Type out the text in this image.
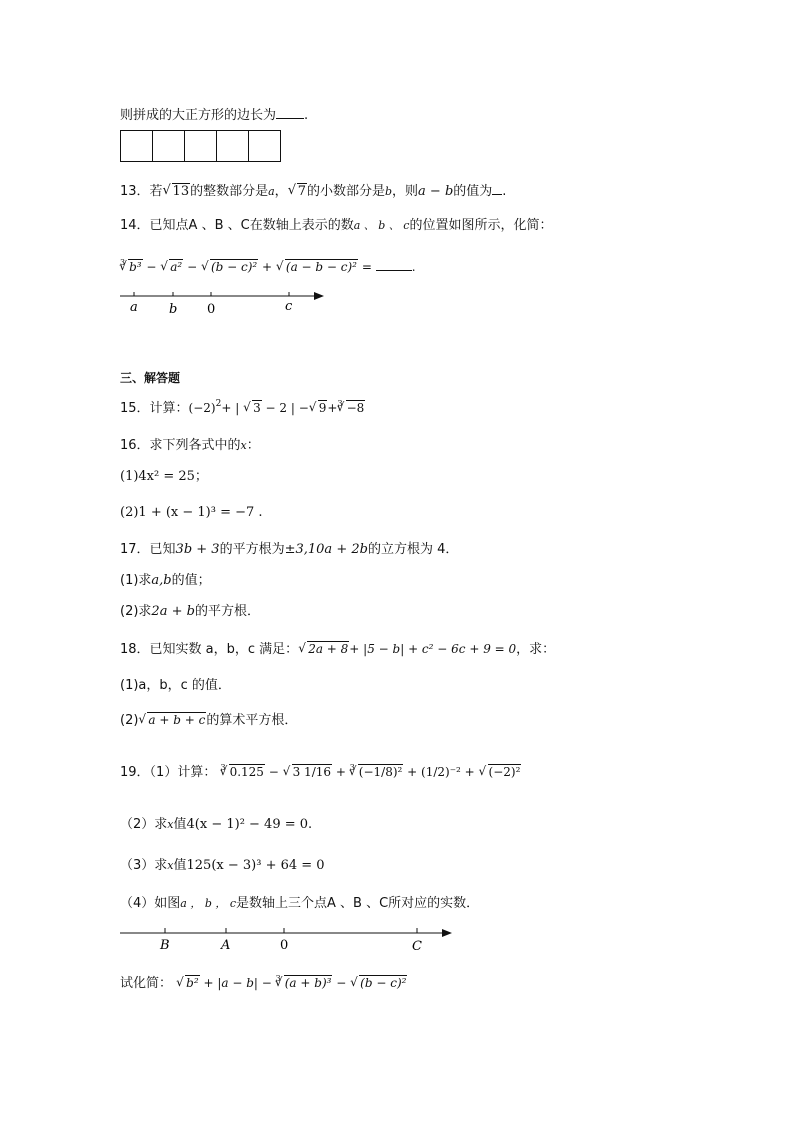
则拼成的大正方形的边长为 .
13．若 √ 13的整数部分是a， √ 7的小数部分是b，则a − b的值为 .
14．已知点A 、B 、C在数轴上表示的数a 、 b 、 c的位置如图所示，化简：
$^3$ √ b³ − √ a² − √ (b − c)² + √ (a − b − c)² =	.
a b 0	c
三、解答题
15．计算：$(-2)^2+$ | √ 3 − 2 | − √ 9+$^3$ √ −8
16．求下列各式中的x：
(1)4x² = 25；
(2)1 + (x − 1)³ = −7 .
17．已知3b + 3的平方根为±3,10a + 2b的立方根为 4．
(1)求a,b的值；
(2)求2a + b的平方根．
18．已知实数 a，b，c 满足： √ 2a + 8+ |5 − b| + c² − 6c + 9 = 0，求：
(1)a，b，c 的值．
(2) √ a + b + c的算术平方根．
19．（1）计算： $^3$ √ 0.125 − √ 3 1/16 + $^3$ √ (−1/8)² + (1/2)⁻² + √ (−2)²
（2）求x值4(x − 1)² − 49 = 0.
（3）求x值125(x − 3)³ + 64 = 0
（4）如图a ， b ， c是数轴上三个点A 、B 、C所对应的实数．
B	A	0	C
试化简： √ b² + |a − b| − $^3$ √ (a + b)³ − √ (b − c)²
